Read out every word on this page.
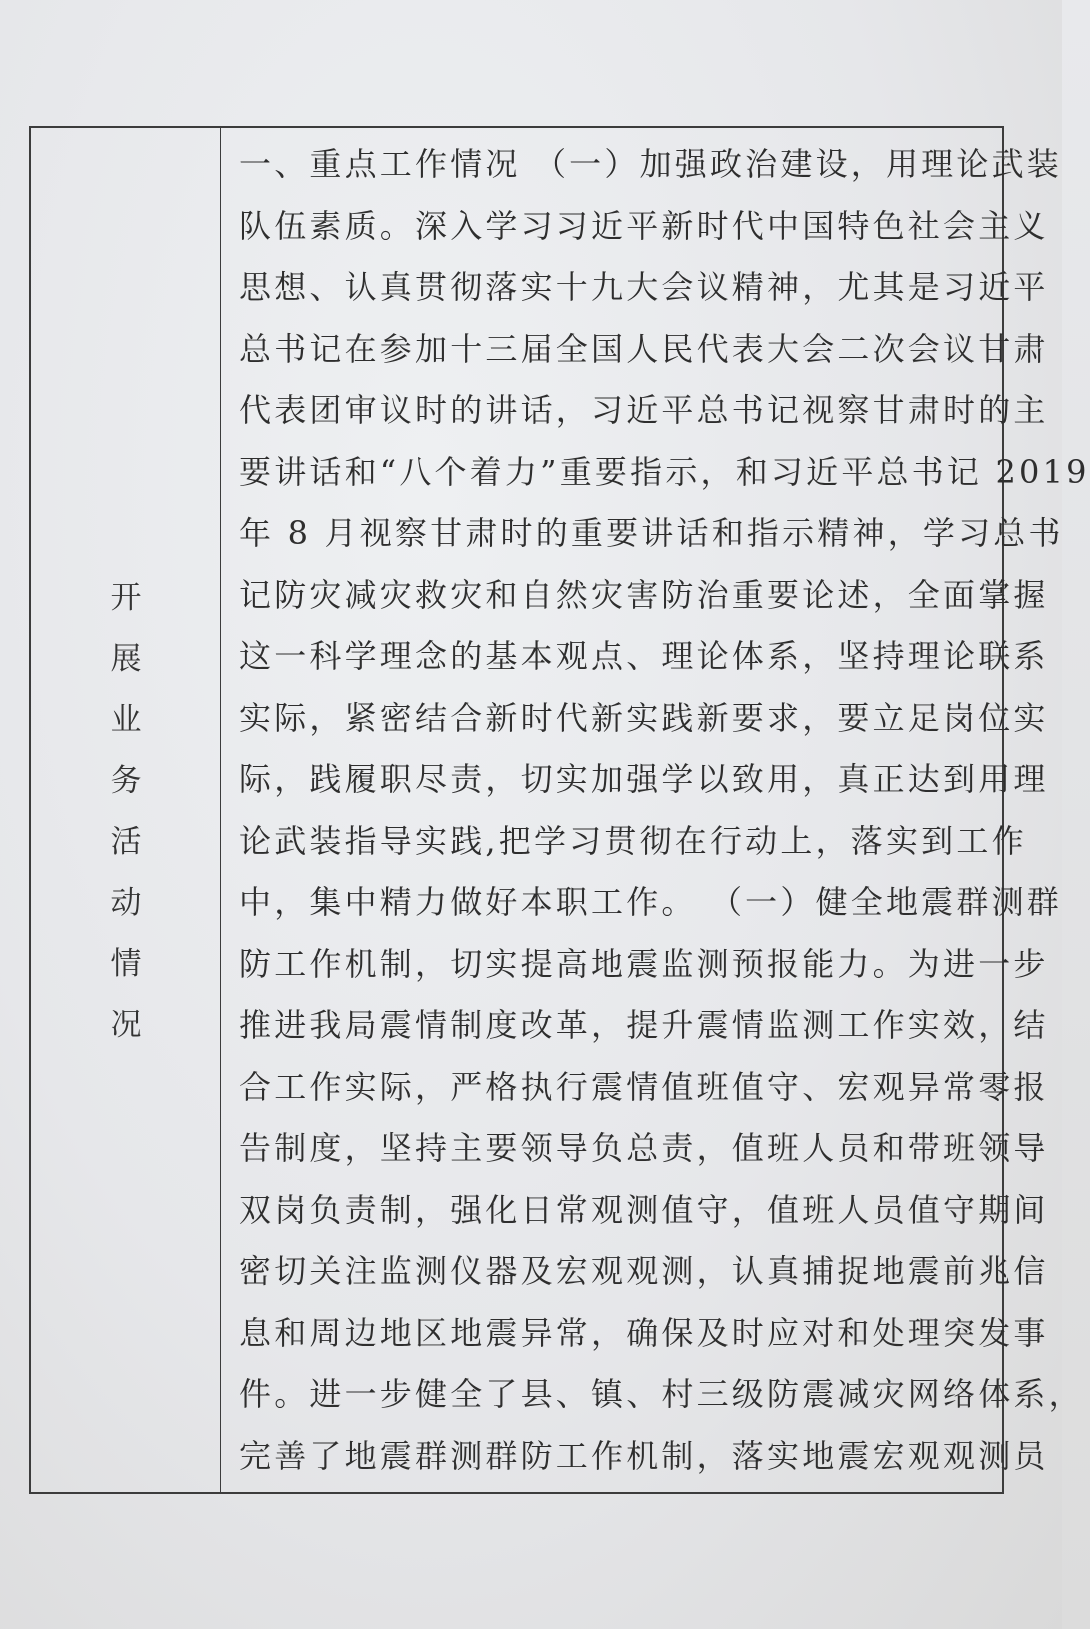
开
展
业
务
活
动
情
况
一、重点工作情况 （一）加强政治建设，用理论武装
队伍素质。深入学习习近平新时代中国特色社会主义
思想、认真贯彻落实十九大会议精神，尤其是习近平
总书记在参加十三届全国人民代表大会二次会议甘肃
代表团审议时的讲话，习近平总书记视察甘肃时的主
要讲话和“八个着力”重要指示，和习近平总书记 2019
年 8 月视察甘肃时的重要讲话和指示精神，学习总书
记防灾减灾救灾和自然灾害防治重要论述，全面掌握
这一科学理念的基本观点、理论体系，坚持理论联系
实际，紧密结合新时代新实践新要求，要立足岗位实
际，践履职尽责，切实加强学以致用，真正达到用理
论武装指导实践,把学习贯彻在行动上，落实到工作
中，集中精力做好本职工作。 （一）健全地震群测群
防工作机制，切实提高地震监测预报能力。为进一步
推进我局震情制度改革，提升震情监测工作实效，结
合工作实际，严格执行震情值班值守、宏观异常零报
告制度，坚持主要领导负总责，值班人员和带班领导
双岗负责制，强化日常观测值守，值班人员值守期间
密切关注监测仪器及宏观观测，认真捕捉地震前兆信
息和周边地区地震异常，确保及时应对和处理突发事
件。进一步健全了县、镇、村三级防震减灾网络体系，
完善了地震群测群防工作机制，落实地震宏观观测员
